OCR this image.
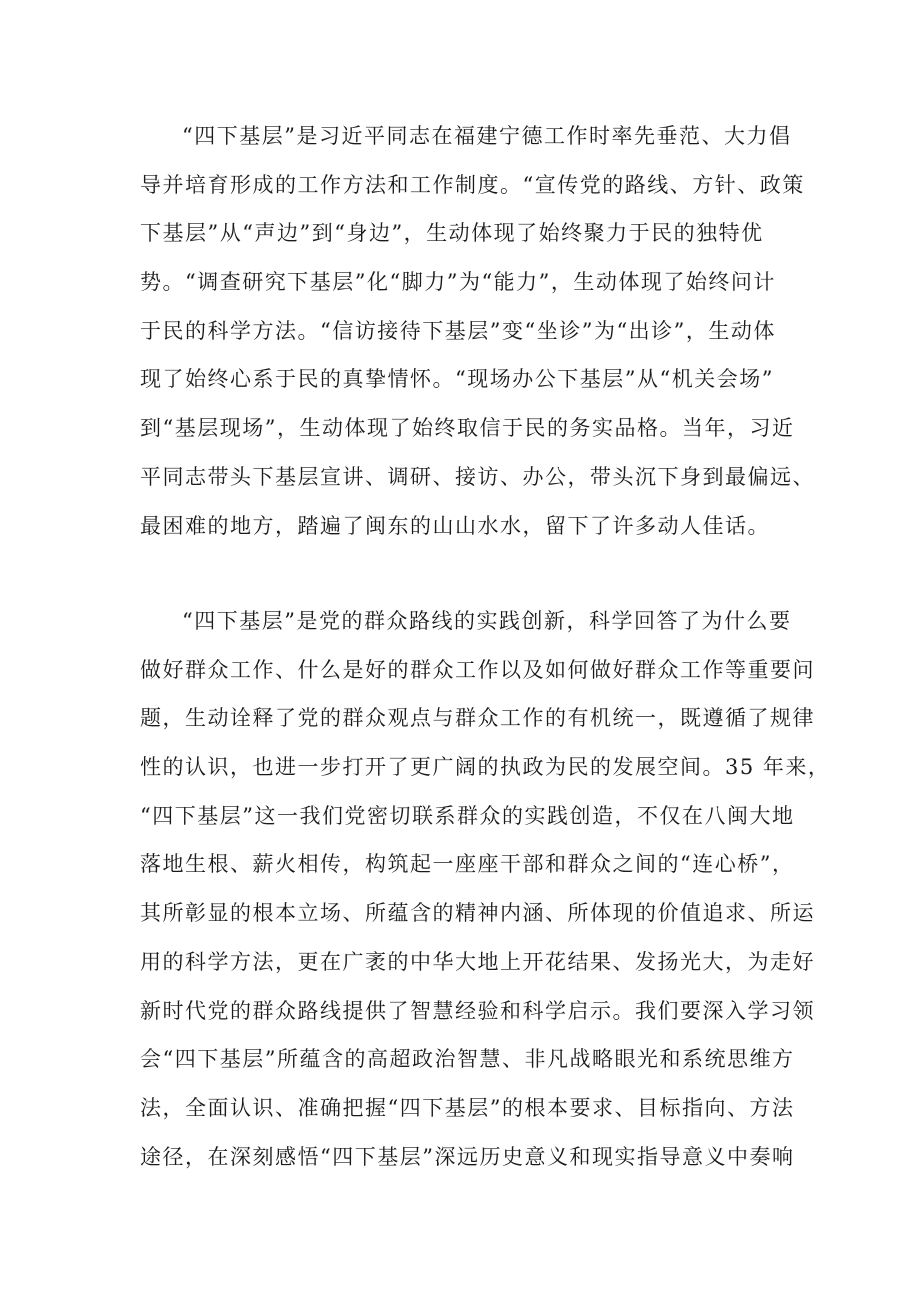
“四下基层”是习近平同志在福建宁德工作时率先垂范、大力倡
导并培育形成的工作方法和工作制度。“宣传党的路线、方针、政策
下基层”从“声边”到“身边”，生动体现了始终聚力于民的独特优
势。“调查研究下基层”化“脚力”为“能力”，生动体现了始终问计
于民的科学方法。“信访接待下基层”变“坐诊”为“出诊”，生动体
现了始终心系于民的真挚情怀。“现场办公下基层”从“机关会场”
到“基层现场”，生动体现了始终取信于民的务实品格。当年，习近
平同志带头下基层宣讲、调研、接访、办公，带头沉下身到最偏远、
最困难的地方，踏遍了闽东的山山水水，留下了许多动人佳话。
“四下基层”是党的群众路线的实践创新，科学回答了为什么要
做好群众工作、什么是好的群众工作以及如何做好群众工作等重要问
题，生动诠释了党的群众观点与群众工作的有机统一，既遵循了规律
性的认识，也进一步打开了更广阔的执政为民的发展空间。35 年来，
“四下基层”这一我们党密切联系群众的实践创造，不仅在八闽大地
落地生根、薪火相传，构筑起一座座干部和群众之间的“连心桥”，
其所彰显的根本立场、所蕴含的精神内涵、所体现的价值追求、所运
用的科学方法，更在广袤的中华大地上开花结果、发扬光大，为走好
新时代党的群众路线提供了智慧经验和科学启示。我们要深入学习领
会“四下基层”所蕴含的高超政治智慧、非凡战略眼光和系统思维方
法，全面认识、准确把握“四下基层”的根本要求、目标指向、方法
途径，在深刻感悟“四下基层”深远历史意义和现实指导意义中奏响
